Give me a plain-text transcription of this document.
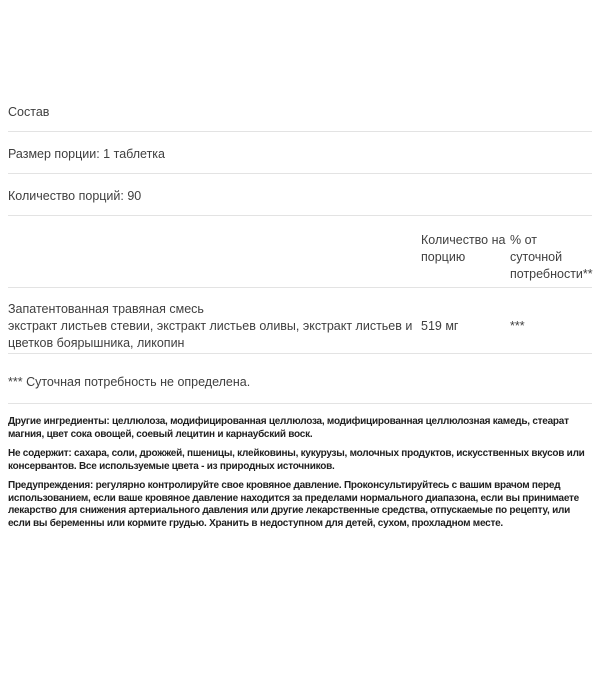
Состав
Размер порции: 1 таблетка
Количество порций: 90
	Количество на порцию	% от суточной потребности**

Запатентованная травяная смесь
экстракт листьев стевии, экстракт листьев оливы, экстракт листьев и цветков боярышника, ликопин	519 мг	***
*** Суточная потребность не определена.

Другие ингредиенты: целлюлоза, модифицированная целлюлоза, модифицированная целлюлозная камедь, стеарат магния, цвет сока овощей, соевый лецитин и карнаубский воск.

Не содержит: сахара, соли, дрожжей, пшеницы, клейковины, кукурузы, молочных продуктов, искусственных вкусов или консервантов. Все используемые цвета - из природных источников.

Предупреждения: регулярно контролируйте свое кровяное давление. Проконсультируйтесь с вашим врачом перед использованием, если ваше кровяное давление находится за пределами нормального диапазона, если вы принимаете лекарство для снижения артериального давления или другие лекарственные средства, отпускаемые по рецепту, или если вы беременны или кормите грудью. Хранить в недоступном для детей, сухом, прохладном месте.
